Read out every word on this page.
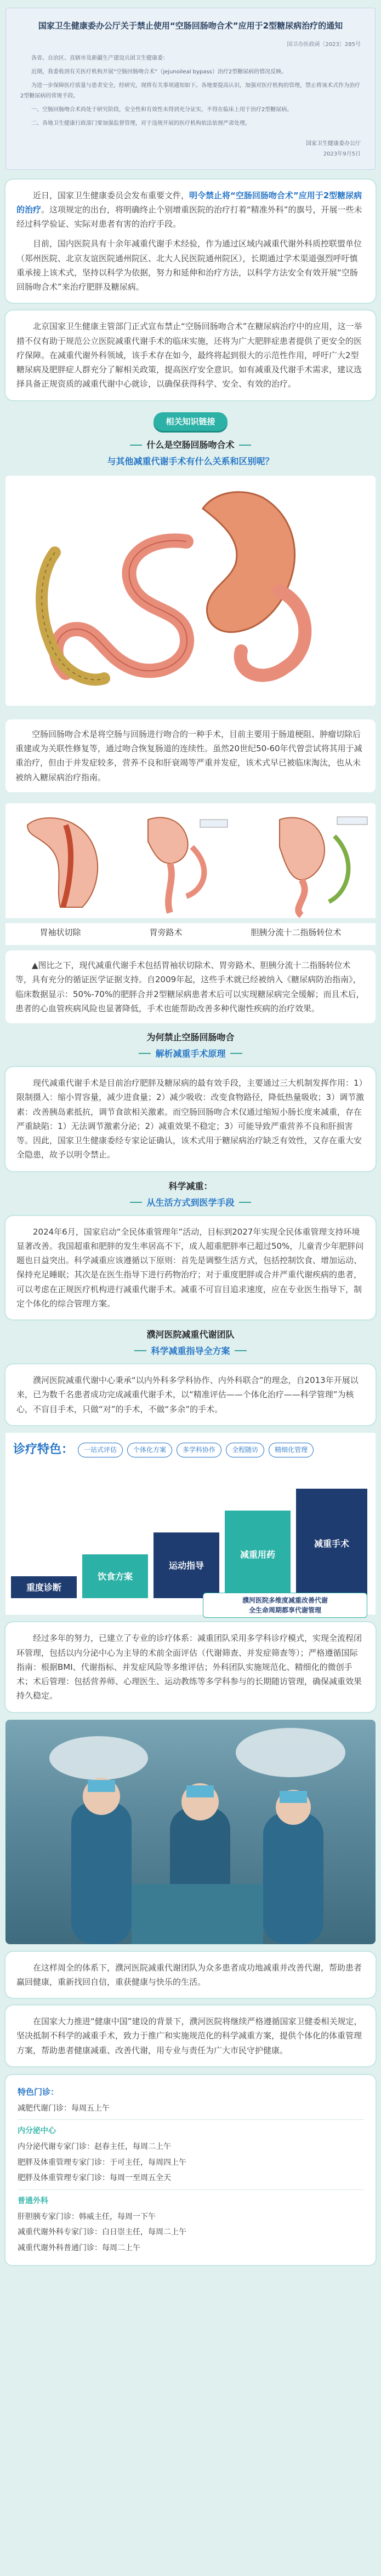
国家卫生健康委办公厅关于禁止使用“空肠回肠吻合术”应用于2型糖尿病治疗的通知
国卫办医政函〔2023〕285号
各省、自治区、直辖市及新疆生产建设兵团卫生健康委：
近期，我委收到有关医疗机构开展“空肠回肠吻合术”（jejunoileal bypass）治疗2型糖尿病的情况反映。
为进一步保障医疗质量与患者安全，经研究，现将有关事项通知如下。各地要提高认识，加强对医疗机构的管理，禁止将该术式作为治疗2型糖尿病的常规手段。
一、空肠回肠吻合术尚处于研究阶段，安全性和有效性未得到充分证实，不得在临床上用于治疗2型糖尿病。
二、各地卫生健康行政部门要加强监督管理，对于违规开展的医疗机构依法依规严肃处理。
国家卫生健康委办公厅
2023年9月5日

近日，国家卫生健康委员会发布重要文件，明令禁止将“空肠回肠吻合术”应用于2型糖尿病的治疗。这项规定的出台，将明确终止个别增重医院的治疗打着“精准外科”的旗号，开展一些未经过科学验证、实际对患者有害的治疗手段。

目前，国内医院具有十余年减重代谢手术经验，作为通过区域内减重代谢外科质控联盟单位（郑州医院、北京友谊医院通州院区、北大人民医院通州院区），长期通过学术渠道强烈呼吁慎重承接上该术式，坚持以科学为依据，努力和延伸和治疗方法，以科学方法安全有效开展“空肠回肠吻合术”来治疗肥胖及糖尿病。

北京国家卫生健康主管部门正式宣布禁止“空肠回肠吻合术”在糖尿病治疗中的应用，这一举措不仅有助于规范公立医院减重代谢手术的临床实施，还将为广大肥胖症患者提供了更安全的医疗保障。在减重代谢外科领域，该手术存在如今，最终将起到很大的示范性作用，呼吁广大2型糖尿病及肥胖症人群充分了解相关政策，提高医疗安全意识。如有减重及代谢手术需求，建议选择具备正规资质的减重代谢中心就诊，以确保获得科学、安全、有效的治疗。

相关知识链接
什么是空肠回肠吻合术
与其他减重代谢手术有什么关系和区别呢？

空肠回肠吻合术是将空肠与回肠进行吻合的一种手术，目前主要用于肠道梗阻、肿瘤切除后重建或为关联性修复等，通过吻合恢复肠道的连续性。虽然20世纪50-60年代曾尝试将其用于减重治疗，但由于并发症较多，营养不良和肝衰竭等严重并发症，该术式早已被临床淘汰，也从未被纳入糖尿病治疗指南。

胃袖状切除	胃旁路术	胆胰分流十二指肠转位术

▲图比之下，现代减重代谢手术包括胃袖状切除术、胃旁路术、胆胰分流十二指肠转位术等，具有充分的循证医学证据支持。自2009年起，这些手术就已经被纳入《糖尿病防治指南》，临床数据显示：50%-70%的肥胖合并2型糖尿病患者术后可以实现糖尿病完全缓解；而且术后，患者的心血管疾病风险也显著降低，手术也能帮助改善多种代谢性疾病的治疗效果。

为何禁止空肠回肠吻合
解析减重手术原理

现代减重代谢手术是目前治疗肥胖及糖尿病的最有效手段，主要通过三大机制发挥作用：1）限制摄入：缩小胃容量，减少进食量；2）减少吸收：改变食物路径，降低热量吸收；3）调节激素：改善胰岛素抵抗，调节食欲相关激素。而空肠回肠吻合术仅通过缩短小肠长度来减重，存在严重缺陷：1）无法调节激素分泌；2）减重效果不稳定；3）可能导致严重营养不良和肝损害等。因此，国家卫生健康委经专家论证确认，该术式用于糖尿病治疗缺乏有效性，又存在重大安全隐患，故予以明令禁止。

科学减重：
从生活方式到医学手段

2024年6月，国家启动“全民体重管理年”活动，目标到2027年实现全民体重管理支持环境显著改善。我国超重和肥胖的发生率居高不下，成人超重肥胖率已超过50%，儿童青少年肥胖问题也日益突出。科学减重应该遵循以下原则：首先是调整生活方式，包括控制饮食、增加运动、保持充足睡眠；其次是在医生指导下进行药物治疗；对于重度肥胖或合并严重代谢疾病的患者，可以考虑在正规医疗机构进行减重代谢手术。减重不可盲目追求速度，应在专业医生指导下，制定个体化的综合管理方案。

濮河医院减重代谢团队
科学减重指导全方案

濮河医院减重代谢中心秉承“以内外科多学科协作、内外科联合”的理念，自2013年开展以来，已为数千名患者成功完成减重代谢手术，以“精准评估——个体化治疗——科学管理”为核心，不盲目手术，只做“对”的手术，不做“多余”的手术。

诊疗特色：	一站式评估	个体化方案	多学科协作	全程随访	精细化管理
重度诊断
饮食方案
运动指导
减重用药
减重手术
濮河医院多维度减重改善代谢
全生命周期都享代谢管理

经过多年的努力，已建立了专业的诊疗体系：减重团队采用多学科诊疗模式，实现全流程闭环管理，包括以内分泌中心为主导的术前全面评估（代谢筛查、并发症筛查等）；严格遵循国际指南：根据BMI、代谢指标、并发症风险等多维评估；外科团队实施规范化、精细化的微创手术；术后管理：包括营养师、心理医生、运动教练等多学科参与的长期随访管理，确保减重效果持久稳定。

在这样周全的体系下，濮河医院减重代谢团队为众多患者成功地减重并改善代谢，帮助患者赢回健康，重新找回自信，重获健康与快乐的生活。

在国家大力推进“健康中国”建设的背景下，濮河医院将继续严格遵循国家卫健委相关规定，坚决抵制不科学的减重手术，致力于推广和实施规范化的科学减重方案，提供个体化的体重管理方案，帮助患者健康减重、改善代谢，用专业与责任为广大市民守护健康。

特色门诊：
减肥代谢门诊：每周五上午
内分泌中心
内分泌代谢专家门诊：赵春主任，每周二上午
肥胖及体重管理专家门诊：于可主任，每周四上午
肥胖及体重管理专家门诊：每周一至周五全天
普通外科
肝胆胰专家门诊：韩威主任，每周一下午
减重代谢外科专家门诊：白日崇主任，每周二上午
减重代谢外科普通门诊：每周二上午
